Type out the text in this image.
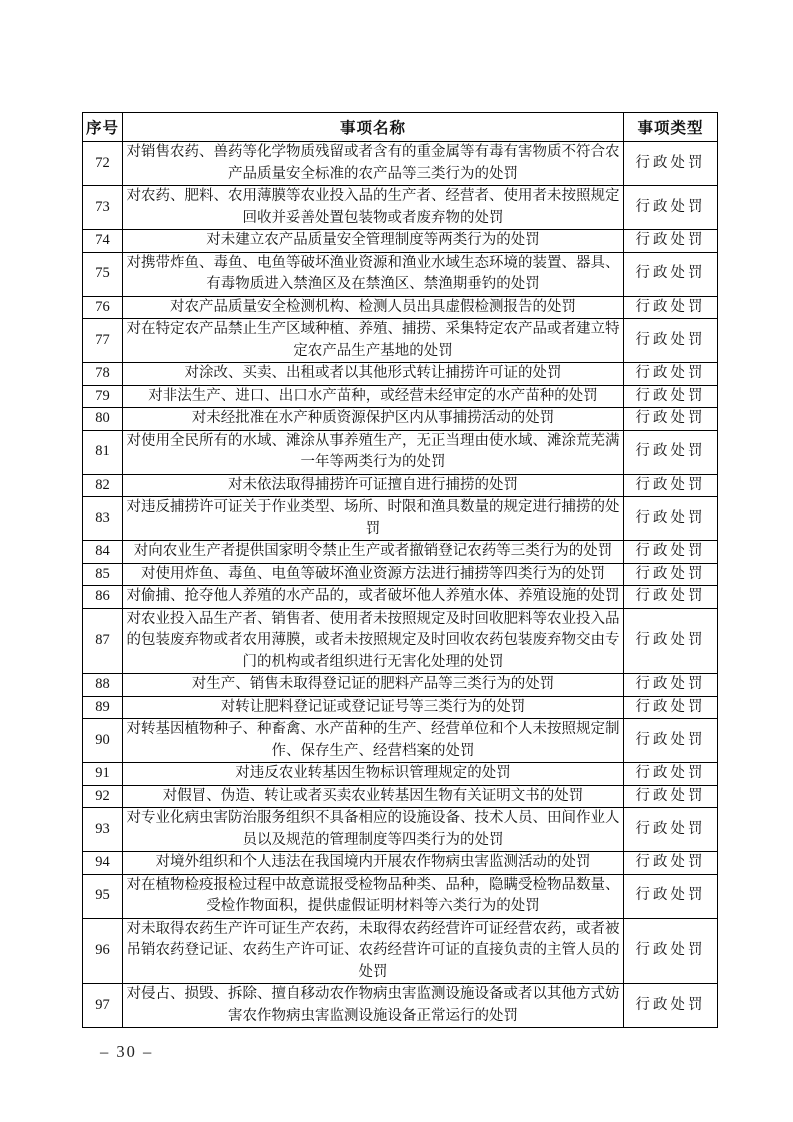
序号	事项名称	事项类型
72	对销售农药、兽药等化学物质残留或者含有的重金属等有毒有害物质不符合农产品质量安全标准的农产品等三类行为的处罚	行政处罚
73	对农药、肥料、农用薄膜等农业投入品的生产者、经营者、使用者未按照规定回收并妥善处置包装物或者废弃物的处罚	行政处罚
74	对未建立农产品质量安全管理制度等两类行为的处罚	行政处罚
75	对携带炸鱼、毒鱼、电鱼等破坏渔业资源和渔业水域生态环境的装置、器具、有毒物质进入禁渔区及在禁渔区、禁渔期垂钓的处罚	行政处罚
76	对农产品质量安全检测机构、检测人员出具虚假检测报告的处罚	行政处罚
77	对在特定农产品禁止生产区域种植、养殖、捕捞、采集特定农产品或者建立特定农产品生产基地的处罚	行政处罚
78	对涂改、买卖、出租或者以其他形式转让捕捞许可证的处罚	行政处罚
79	对非法生产、进口、出口水产苗种，或经营未经审定的水产苗种的处罚	行政处罚
80	对未经批准在水产种质资源保护区内从事捕捞活动的处罚	行政处罚
81	对使用全民所有的水域、滩涂从事养殖生产，无正当理由使水域、滩涂荒芜满一年等两类行为的处罚	行政处罚
82	对未依法取得捕捞许可证擅自进行捕捞的处罚	行政处罚
83	对违反捕捞许可证关于作业类型、场所、时限和渔具数量的规定进行捕捞的处罚	行政处罚
84	对向农业生产者提供国家明令禁止生产或者撤销登记农药等三类行为的处罚	行政处罚
85	对使用炸鱼、毒鱼、电鱼等破坏渔业资源方法进行捕捞等四类行为的处罚	行政处罚
86	对偷捕、抢夺他人养殖的水产品的，或者破坏他人养殖水体、养殖设施的处罚	行政处罚
87	对农业投入品生产者、销售者、使用者未按照规定及时回收肥料等农业投入品的包装废弃物或者农用薄膜，或者未按照规定及时回收农药包装废弃物交由专门的机构或者组织进行无害化处理的处罚	行政处罚
88	对生产、销售未取得登记证的肥料产品等三类行为的处罚	行政处罚
89	对转让肥料登记证或登记证号等三类行为的处罚	行政处罚
90	对转基因植物种子、种畜禽、水产苗种的生产、经营单位和个人未按照规定制作、保存生产、经营档案的处罚	行政处罚
91	对违反农业转基因生物标识管理规定的处罚	行政处罚
92	对假冒、伪造、转让或者买卖农业转基因生物有关证明文书的处罚	行政处罚
93	对专业化病虫害防治服务组织不具备相应的设施设备、技术人员、田间作业人员以及规范的管理制度等四类行为的处罚	行政处罚
94	对境外组织和个人违法在我国境内开展农作物病虫害监测活动的处罚	行政处罚
95	对在植物检疫报检过程中故意谎报受检物品种类、品种，隐瞒受检物品数量、受检作物面积，提供虚假证明材料等六类行为的处罚	行政处罚
96	对未取得农药生产许可证生产农药，未取得农药经营许可证经营农药，或者被吊销农药登记证、农药生产许可证、农药经营许可证的直接负责的主管人员的处罚	行政处罚
97	对侵占、损毁、拆除、擅自移动农作物病虫害监测设施设备或者以其他方式妨害农作物病虫害监测设施设备正常运行的处罚	行政处罚
– 30 –
